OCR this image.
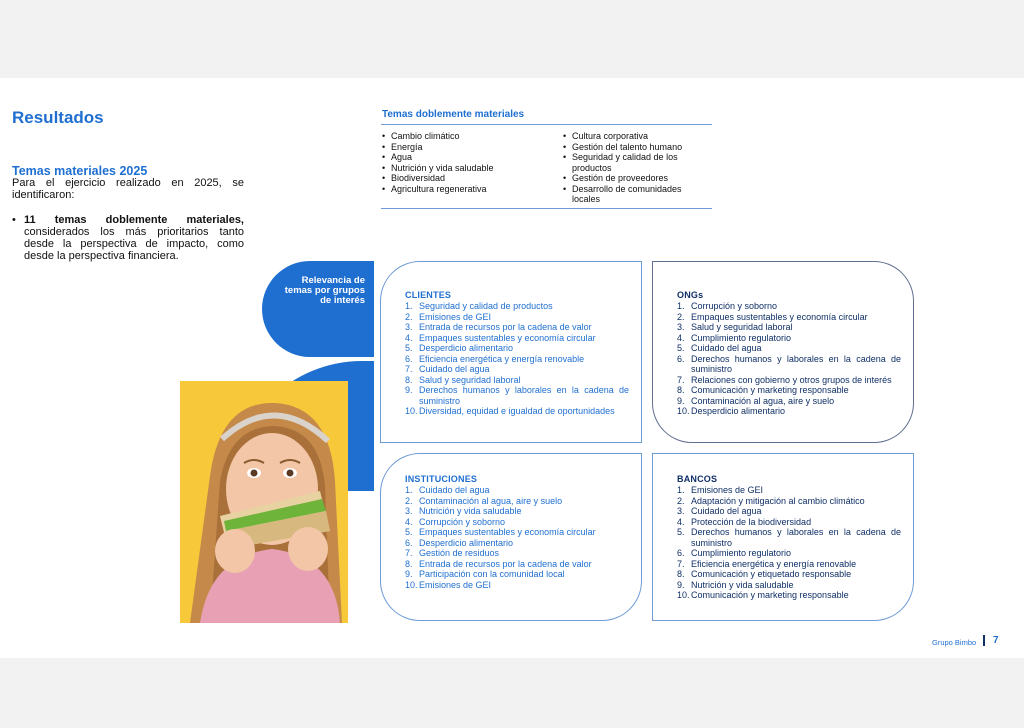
Resultados
Temas materiales 2025

Para el ejercicio realizado en 2025, se identificaron:

• 11 temas doblemente materiales, considerados los más prioritarios tanto desde la perspectiva de impacto, como desde la perspectiva financiera.

Temas doblemente materiales
• Cambio climático
• Energía
• Agua
• Nutrición y vida saludable
• Biodiversidad
• Agricultura regenerativa
• Cultura corporativa
• Gestión del talento humano
• Seguridad y calidad de los productos
• Gestión de proveedores
• Desarrollo de comunidades locales

Relevancia de temas por grupos de interés	CLIENTES
1. Seguridad y calidad de productos
2. Emisiones de GEI
3. Entrada de recursos por la cadena de valor
4. Empaques sustentables y economía circular
5. Desperdicio alimentario
6. Eficiencia energética y energía renovable
7. Cuidado del agua
8. Salud y seguridad laboral
9. Derechos humanos y laborales en la cadena de suministro
10. Diversidad, equidad e igualdad de oportunidades
ONGs
1. Corrupción y soborno
2. Empaques sustentables y economía circular
3. Salud y seguridad laboral
4. Cumplimiento regulatorio
5. Cuidado del agua
6. Derechos humanos y laborales en la cadena de suministro
7. Relaciones con gobierno y otros grupos de interés
8. Comunicación y marketing responsable
9. Contaminación al agua, aire y suelo
10. Desperdicio alimentario
INSTITUCIONES
1. Cuidado del agua
2. Contaminación al agua, aire y suelo
3. Nutrición y vida saludable
4. Corrupción y soborno
5. Empaques sustentables y economía circular
6. Desperdicio alimentario
7. Gestión de residuos
8. Entrada de recursos por la cadena de valor
9. Participación con la comunidad local
10. Emisiones de GEI
BANCOS
1. Emisiones de GEI
2. Adaptación y mitigación al cambio climático
3. Cuidado del agua
4. Protección de la biodiversidad
5. Derechos humanos y laborales en la cadena de suministro
6. Cumplimiento regulatorio
7. Eficiencia energética y energía renovable
8. Comunicación y etiquetado responsable
9. Nutrición y vida saludable
10. Comunicación y marketing responsable
Grupo Bimbo 7
